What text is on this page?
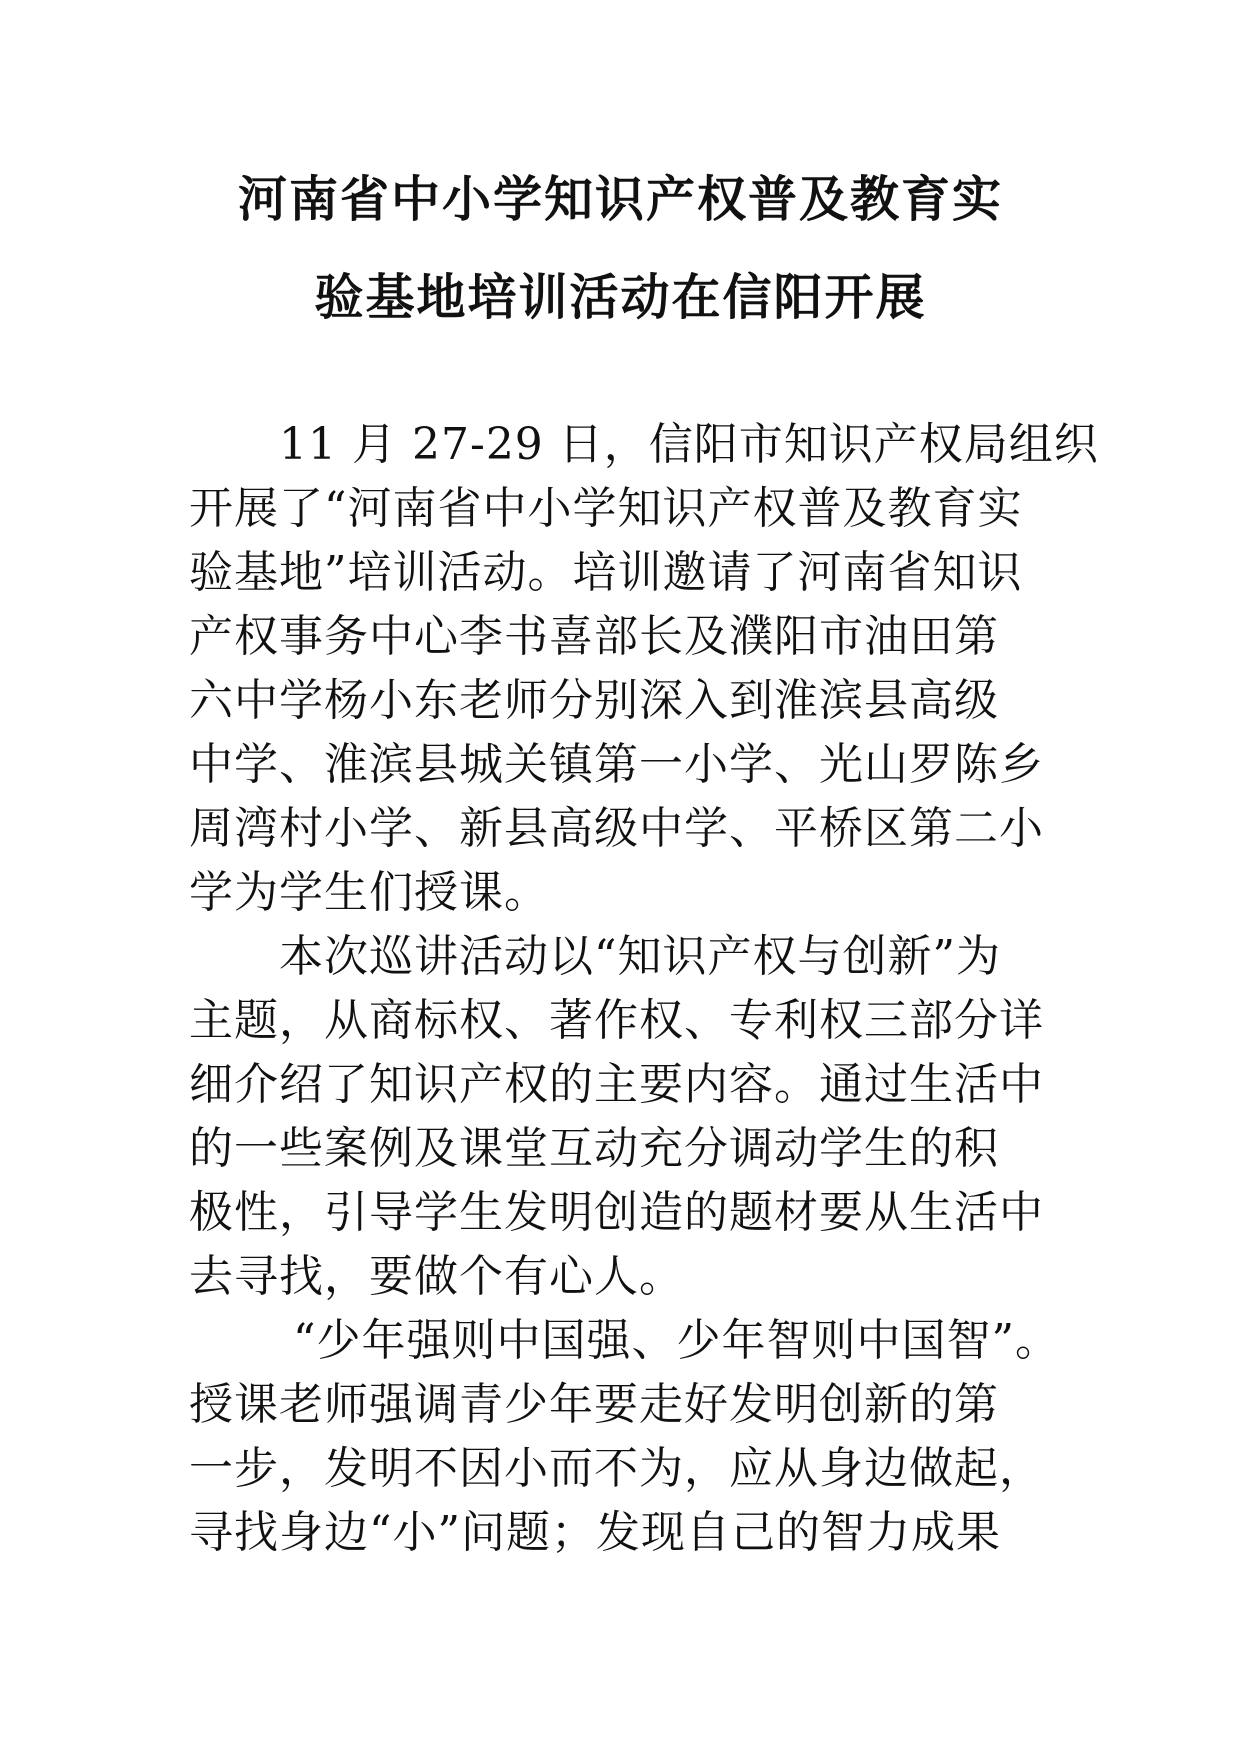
河南省中小学知识产权普及教育实
验基地培训活动在信阳开展
11 月 27-29 日，信阳市知识产权局组织
开展了“河南省中小学知识产权普及教育实
验基地”培训活动。培训邀请了河南省知识
产权事务中心李书喜部长及濮阳市油田第
六中学杨小东老师分别深入到淮滨县高级
中学、淮滨县城关镇第一小学、光山罗陈乡
周湾村小学、新县高级中学、平桥区第二小
学为学生们授课。
本次巡讲活动以“知识产权与创新”为
主题，从商标权、著作权、专利权三部分详
细介绍了知识产权的主要内容。通过生活中
的一些案例及课堂互动充分调动学生的积
极性，引导学生发明创造的题材要从生活中
去寻找，要做个有心人。
“少年强则中国强、少年智则中国智”。
授课老师强调青少年要走好发明创新的第
一步，发明不因小而不为，应从身边做起，
寻找身边“小”问题；发现自己的智力成果
